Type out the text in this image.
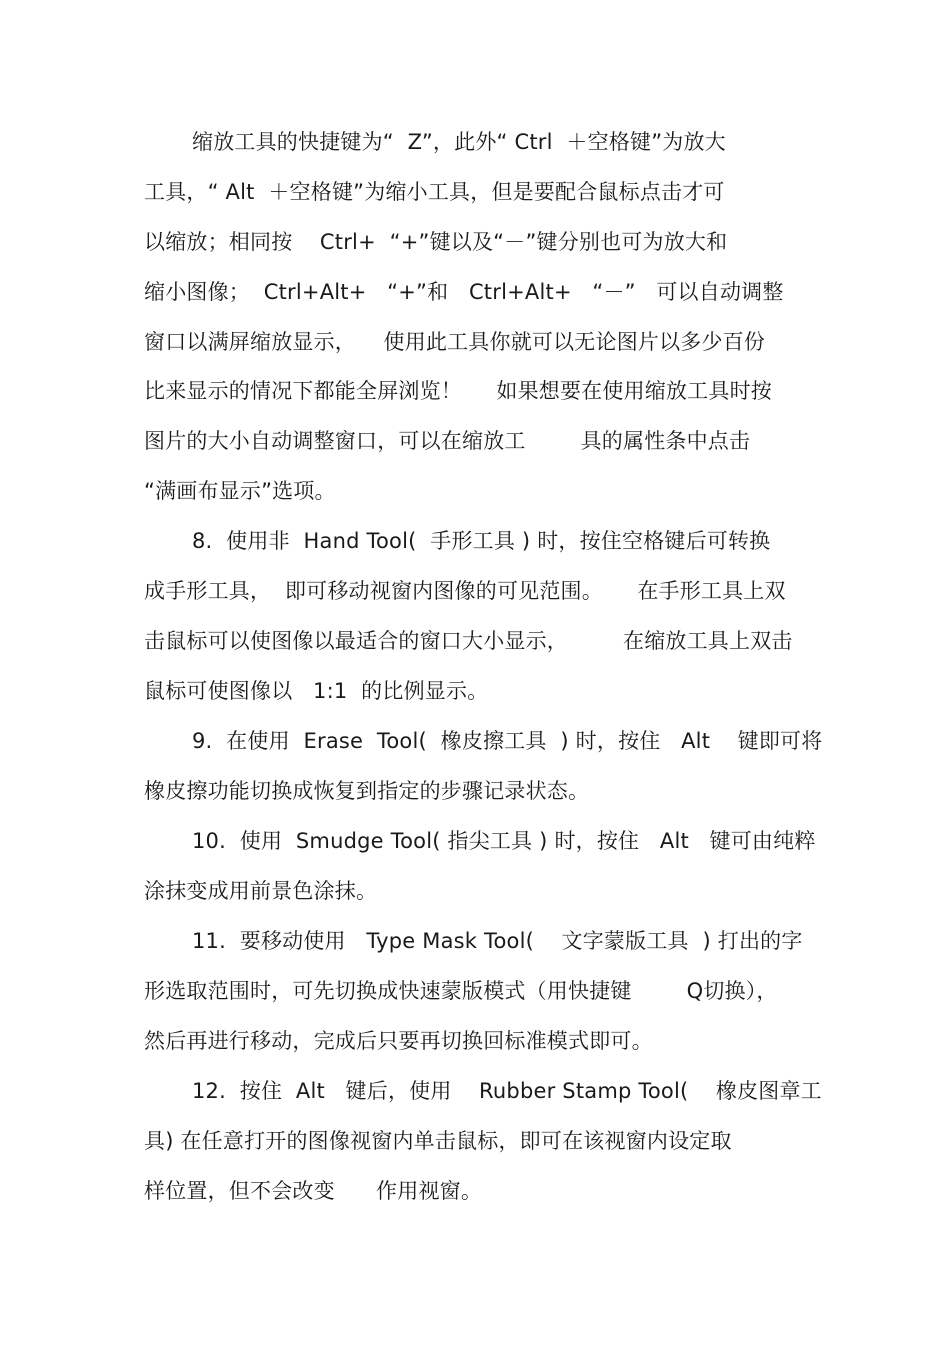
缩放工具的快捷键为“  Z”，此外“ Ctrl  ＋空格键”为放大
工具，“ Alt  ＋空格键”为缩小工具，但是要配合鼠标点击才可
以缩放；相同按    Ctrl+  “+”键以及“－”键分别也可为放大和
缩小图像；  Ctrl+Alt+   “+”和   Ctrl+Alt+   “－”   可以自动调整
窗口以满屏缩放显示，    使用此工具你就可以无论图片以多少百份
比来显示的情况下都能全屏浏览！     如果想要在使用缩放工具时按
图片的大小自动调整窗口，可以在缩放工        具的属性条中点击
“满画布显示”选项。
8.  使用非  Hand Tool(  手形工具 ) 时，按住空格键后可转换
成手形工具，  即可移动视窗内图像的可见范围。     在手形工具上双
击鼠标可以使图像以最适合的窗口大小显示，        在缩放工具上双击
鼠标可使图像以   1:1  的比例显示。
9.  在使用  Erase  Tool(  橡皮擦工具  ) 时，按住   Alt    键即可将
橡皮擦功能切换成恢复到指定的步骤记录状态。
10.  使用  Smudge Tool( 指尖工具 ) 时，按住   Alt   键可由纯粹
涂抹变成用前景色涂抹。
11.  要移动使用   Type Mask Tool(    文字蒙版工具  ) 打出的字
形选取范围时，可先切换成快速蒙版模式（用快捷键        Q切换），
然后再进行移动，完成后只要再切换回标准模式即可。
12.  按住  Alt   键后，使用    Rubber Stamp Tool(    橡皮图章工
具) 在任意打开的图像视窗内单击鼠标，即可在该视窗内设定取
样位置，但不会改变      作用视窗。
